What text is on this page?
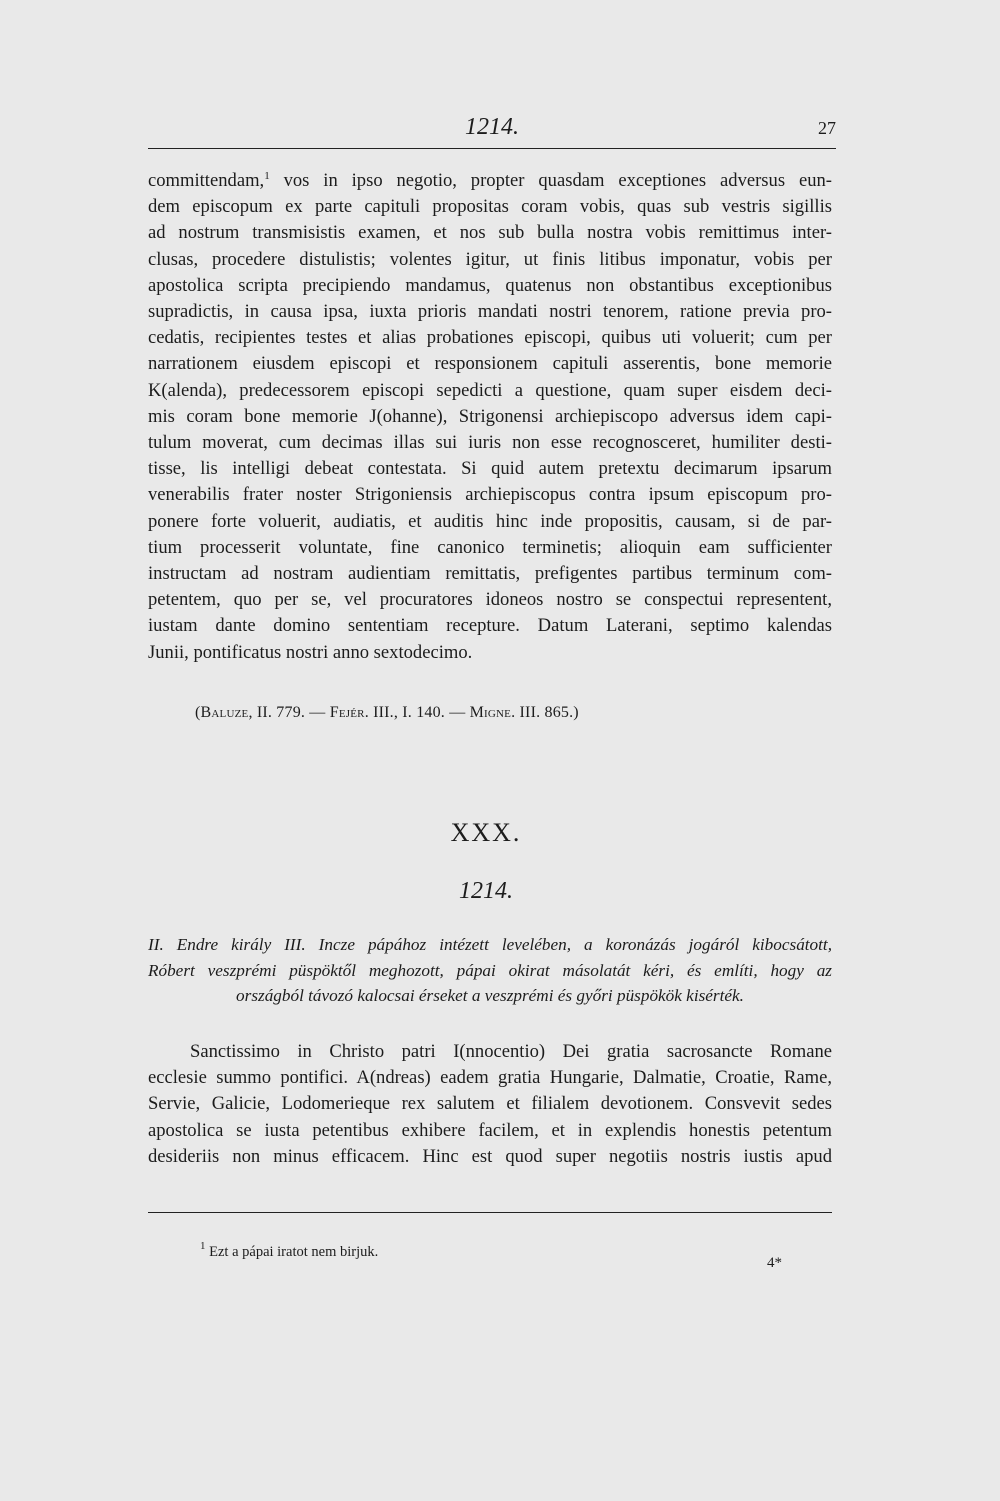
1214.	27
committendam,$^1$ vos in ipso negotio, propter quasdam exceptiones adversus eun-
dem episcopum ex parte capituli propositas coram vobis, quas sub vestris sigillis
ad nostrum transmisistis examen, et nos sub bulla nostra vobis remittimus inter-
clusas, procedere distulistis; volentes igitur, ut finis litibus imponatur, vobis per
apostolica scripta precipiendo mandamus, quatenus non obstantibus exceptionibus
supradictis, in causa ipsa, iuxta prioris mandati nostri tenorem, ratione previa pro-
cedatis, recipientes testes et alias probationes episcopi, quibus uti voluerit; cum per
narrationem eiusdem episcopi et responsionem capituli asserentis, bone memorie
K(alenda), predecessorem episcopi sepedicti a questione, quam super eisdem deci-
mis coram bone memorie J(ohanne), Strigonensi archiepiscopo adversus idem capi-
tulum moverat, cum decimas illas sui iuris non esse recognosceret, humiliter desti-
tisse, lis intelligi debeat contestata. Si quid autem pretextu decimarum ipsarum
venerabilis frater noster Strigoniensis archiepiscopus contra ipsum episcopum pro-
ponere forte voluerit, audiatis, et auditis hinc inde propositis, causam, si de par-
tium processerit voluntate, fine canonico terminetis; alioquin eam sufficienter
instructam ad nostram audientiam remittatis, prefigentes partibus terminum com-
petentem, quo per se, vel procuratores idoneos nostro se conspectui representent,
iustam dante domino sententiam recepture. Datum Laterani, septimo kalendas
Junii, pontificatus nostri anno sextodecimo.
(Baluze, II. 779. — Fejér. III., I. 140. — Migne. III. 865.)
XXX.
1214.
II. Endre király III. Incze pápához intézett levelében, a koronázás jogáról kibocsátott,
Róbert veszprémi püspöktől meghozott, pápai okirat másolatát kéri, és említi, hogy az
országból távozó kalocsai érseket a veszprémi és győri püspökök kisérték.
Sanctissimo in Christo patri I(nnocentio) Dei gratia sacrosancte Romane
ecclesie summo pontifici. A(ndreas) eadem gratia Hungarie, Dalmatie, Croatie, Rame,
Servie, Galicie, Lodomerieque rex salutem et filialem devotionem. Consvevit sedes
apostolica se iusta petentibus exhibere facilem, et in explendis honestis petentum
desideriis non minus efficacem. Hinc est quod super negotiis nostris iustis apud
$^1$ Ezt a pápai iratot nem birjuk.
4*
